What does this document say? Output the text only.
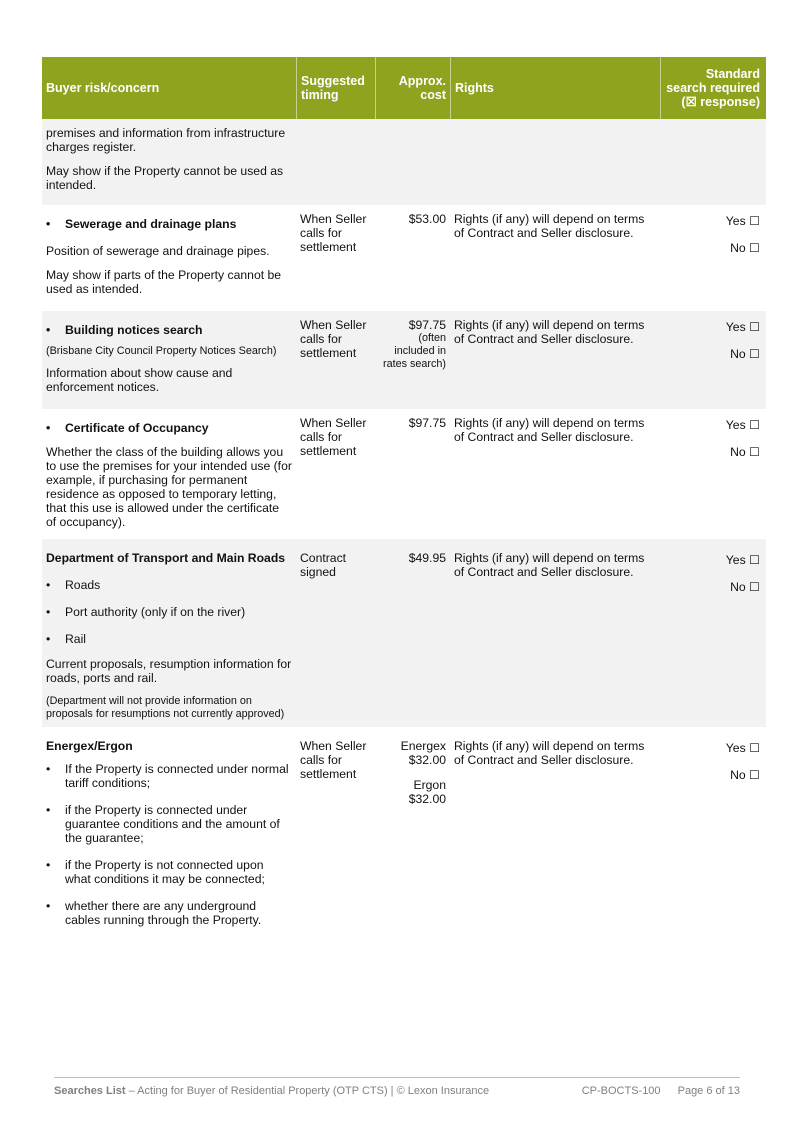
Buyer risk/concern	Suggested timing
Approx. cost Rights
Standard search required (☒ response)

premises and information from infrastructure charges register.

May show if the Property cannot be used as intended.

• Sewerage and drainage plans

Position of sewerage and drainage pipes.

May show if parts of the Property cannot be used as intended.

When Seller calls for settlement
$53.00 Rights (if any) will depend on terms of Contract and Seller disclosure.
Yes ☐
No ☐
• Building notices search

(Brisbane City Council Property Notices Search)

Information about show cause and enforcement notices.

When Seller calls for settlement
$97.75
(often included in rates search)
Rights (if any) will depend on terms of Contract and Seller disclosure.
Yes ☐
No ☐
• Certificate of Occupancy

Whether the class of the building allows you to use the premises for your intended use (for example, if purchasing for permanent residence as opposed to temporary letting, that this use is allowed under the certificate of occupancy).

When Seller calls for settlement
$97.75 Rights (if any) will depend on terms of Contract and Seller disclosure.
Yes ☐
No ☐

Department of Transport and Main Roads

• Roads
• Port authority (only if on the river)
• Rail

Current proposals, resumption information for roads, ports and rail.

(Department will not provide information on proposals for resumptions not currently approved)

Contract signed
$49.95 Rights (if any) will depend on terms of Contract and Seller disclosure.
Yes ☐
No ☐

Energex/Ergon

• If the Property is connected under normal tariff conditions;
• if the Property is connected under guarantee conditions and the amount of the guarantee;
• if the Property is not connected upon what conditions it may be connected;
• whether there are any underground cables running through the Property.
When Seller calls for settlement
Energex
$32.00
Ergon
$32.00
Rights (if any) will depend on terms of Contract and Seller disclosure.
Yes ☐
No ☐
Searches List – Acting for Buyer of Residential Property (OTP CTS) | © Lexon Insurance	CP-BOCTS-100 Page 6 of 13
